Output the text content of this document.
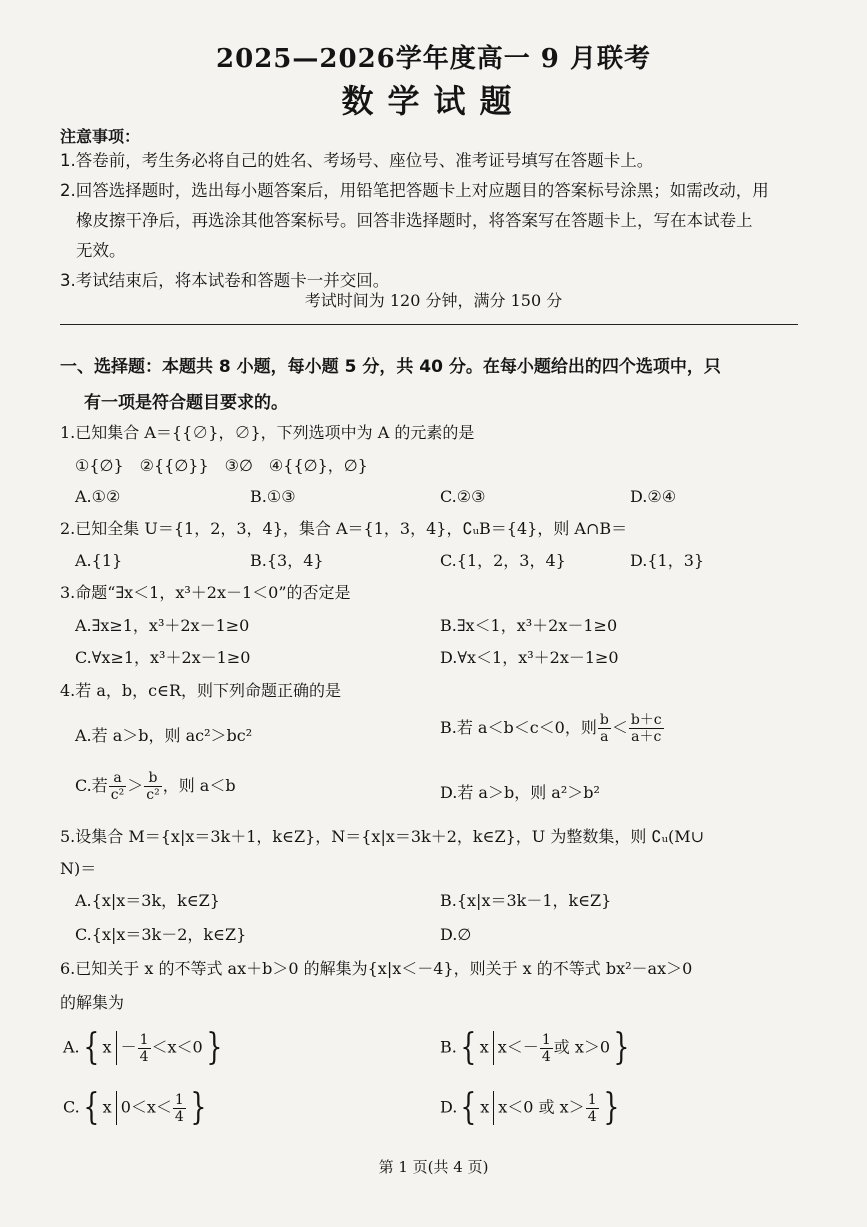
2025—2026学年度高一 9 月联考
数学试题
注意事项：
1.答卷前，考生务必将自己的姓名、考场号、座位号、准考证号填写在答题卡上。
2.回答选择题时，选出每小题答案后，用铅笔把答题卡上对应题目的答案标号涂黑；如需改动，用
橡皮擦干净后，再选涂其他答案标号。回答非选择题时，将答案写在答题卡上，写在本试卷上
无效。
3.考试结束后，将本试卷和答题卡一并交回。
考试时间为 120 分钟，满分 150 分
一、选择题：本题共 8 小题，每小题 5 分，共 40 分。在每小题给出的四个选项中，只
有一项是符合题目要求的。
1.已知集合 A＝{{∅}，∅}，下列选项中为 A 的元素的是
①{∅}　②{{∅}}　③∅　④{{∅}，∅}
A.①②	B.①③	C.②③	D.②④
2.已知全集 U＝{1，2，3，4}，集合 A＝{1，3，4}，∁ᵤB＝{4}，则 A∩B＝
A.{1}	B.{3，4}	C.{1，2，3，4}	D.{1，3}
3.命题“∃x＜1，x³＋2x－1＜0”的否定是
A.∃x≥1，x³＋2x－1≥0	B.∃x＜1，x³＋2x－1≥0
C.∀x≥1，x³＋2x－1≥0	D.∀x＜1，x³＋2x－1≥0
4.若 a，b，c∈R，则下列命题正确的是
A.若 a＞b，则 ac²＞bc²	B.若 a＜b＜c＜0，则 $\frac{b}{a} < \frac{b+c}{a+c}$
C.若 $\frac{a}{\text{c²}} > \frac{b}{\text{c²}}$ ，则 a＜b	D.若 a＞b，则 a²＞b²
5.设集合 M＝{x|x＝3k＋1，k∈Z}，N＝{x|x＝3k＋2，k∈Z}，U 为整数集，则 ∁ᵤ(M∪
N)＝
A.{x|x＝3k，k∈Z}	B.{x|x＝3k－1，k∈Z}
C.{x|x＝3k－2，k∈Z}	D.∅
6.已知关于 x 的不等式 ax＋b＞0 的解集为{x|x＜－4}，则关于 x 的不等式 bx²－ax＞0
的解集为
A.{ $x - \frac{1}{4} <x<0$}	B.{ x $x<- \frac{1}{4}$ 或 x＞0}
C.{ x $0<x< \frac{1}{4}$ }	D.{ x x＜0 或 $x> \frac{1}{4}$ }
第 1 页(共 4 页)
